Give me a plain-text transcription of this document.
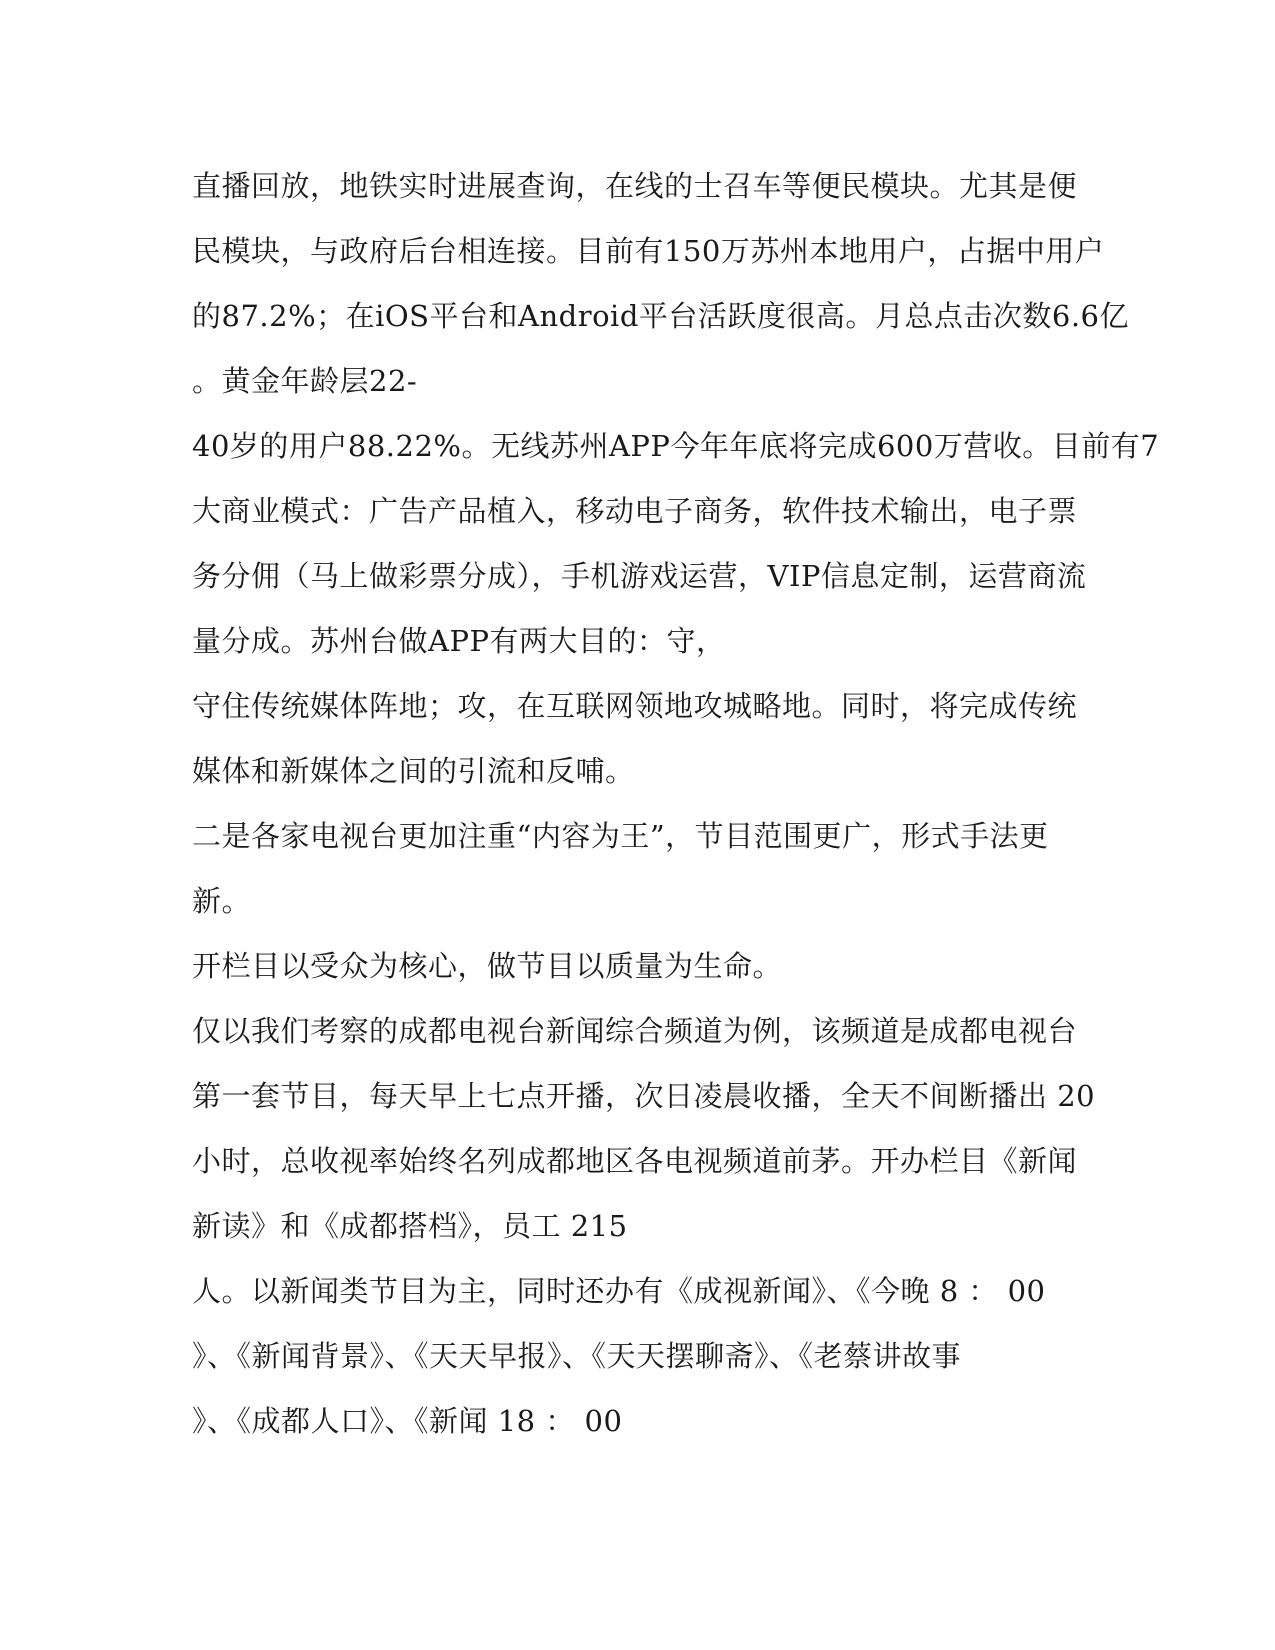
直播回放，地铁实时进展查询，在线的士召车等便民模块。尤其是便
民模块，与政府后台相连接。目前有150万苏州本地用户，占据中用户
的87.2%；在iOS平台和Android平台活跃度很高。月总点击次数6.6亿
。黄金年龄层22-
40岁的用户88.22%。无线苏州APP今年年底将完成600万营收。目前有7
大商业模式：广告产品植入，移动电子商务，软件技术输出，电子票
务分佣（马上做彩票分成），手机游戏运营，VIP信息定制，运营商流
量分成。苏州台做APP有两大目的：守，
守住传统媒体阵地；攻，在互联网领地攻城略地。同时，将完成传统
媒体和新媒体之间的引流和反哺。
二是各家电视台更加注重“内容为王”，节目范围更广，形式手法更
新。
开栏目以受众为核心，做节目以质量为生命。
仅以我们考察的成都电视台新闻综合频道为例，该频道是成都电视台
第一套节目，每天早上七点开播，次日凌晨收播，全天不间断播出 20
小时，总收视率始终名列成都地区各电视频道前茅。开办栏目《新闻
新读》和《成都搭档》，员工 215
人。以新闻类节目为主，同时还办有《成视新闻》、《今晚 8 ： 00
》、《新闻背景》、《天天早报》、《天天摆聊斋》、《老蔡讲故事
》、《成都人口》、《新闻 18 ： 00
